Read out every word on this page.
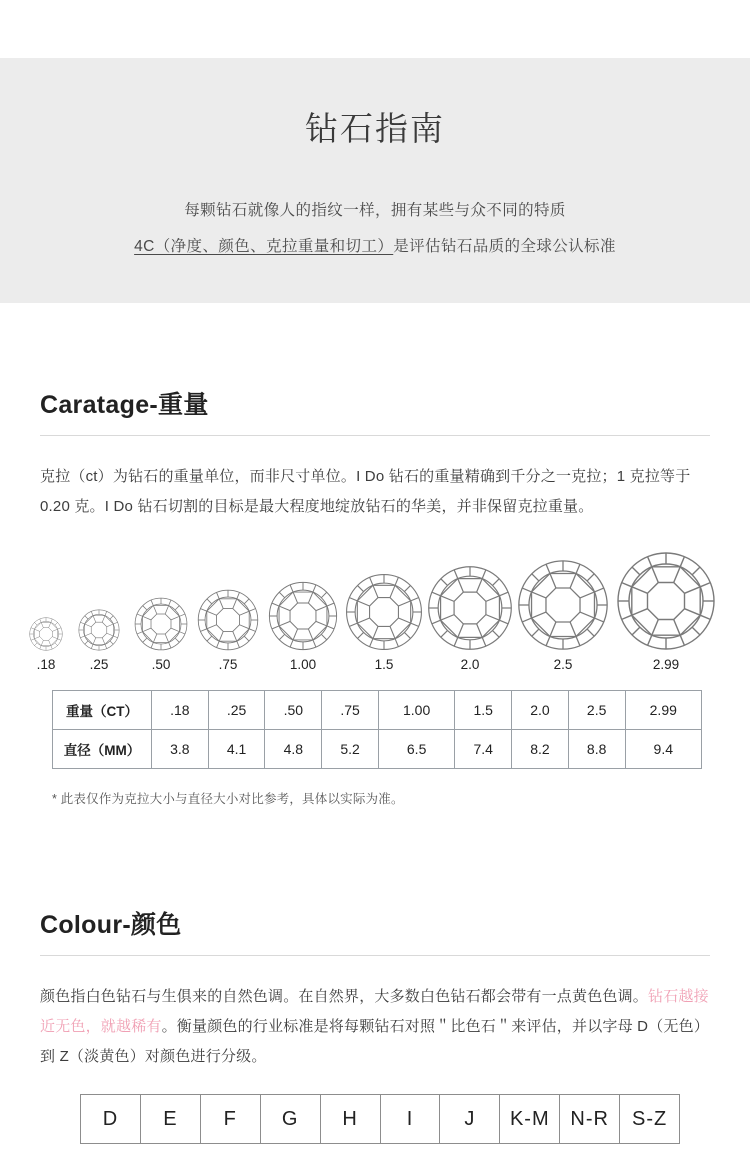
钻石指南
每颗钻石就像人的指纹一样，拥有某些与众不同的特质
4C（净度、颜色、克拉重量和切工）是评估钻石品质的全球公认标准
Caratage-重量

克拉（ct）为钻石的重量单位，而非尺寸单位。I Do 钻石的重量精确到千分之一克拉；1 克拉等于 0.20 克。I Do 钻石切割的目标是最大程度地绽放钻石的华美，并非保留克拉重量。

.18	.25	.50	.75	1.00	1.5	2.0	2.5	2.99
重量（CT）	.18	.25	.50	.75	1.00	1.5	2.0	2.5	2.99
直径（MM）	3.8	4.1	4.8	5.2	6.5	7.4	8.2	8.8	9.4
* 此表仅作为克拉大小与直径大小对比参考，具体以实际为准。
Colour-颜色

颜色指白色钻石与生俱来的自然色调。在自然界，大多数白色钻石都会带有一点黄色色调。钻石越接近无色，就越稀有。衡量颜色的行业标准是将每颗钻石对照＂比色石＂来评估，并以字母 D（无色）到 Z（淡黄色）对颜色进行分级。

D	E	F	G	H	I	J	K-M	N-R	S-Z
